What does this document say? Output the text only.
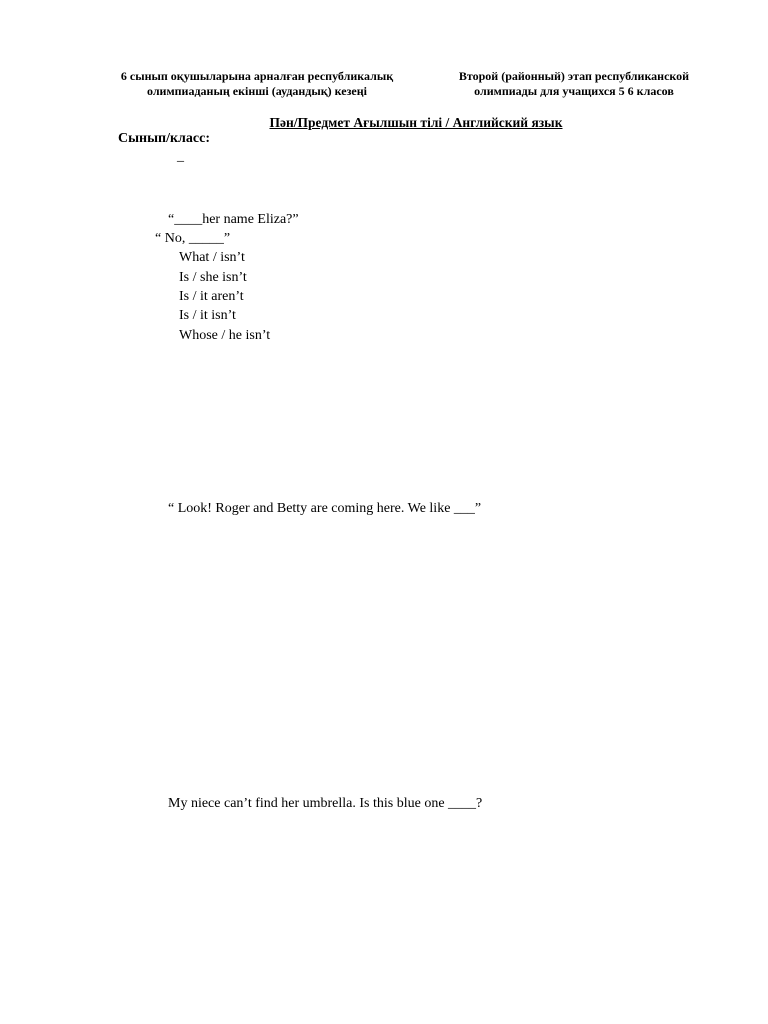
6 сынып оқушыларына арналған республикалық
олимпиаданың екінші (аудандық) кезеңі
Второй (районный) этап республиканской
олимпиады для учащихся 5 6 класов
Пән/Предмет Ағылшын тілі / Английский язык
Сынып/класс:
_
“____her name Eliza?”
“ No, _____”
What / isn’t
Is / she isn’t
Is / it aren’t
Is / it isn’t
Whose / he isn’t
“ Look! Roger and Betty are coming here. We like ___”
My niece can’t find her umbrella. Is this blue one ____?
